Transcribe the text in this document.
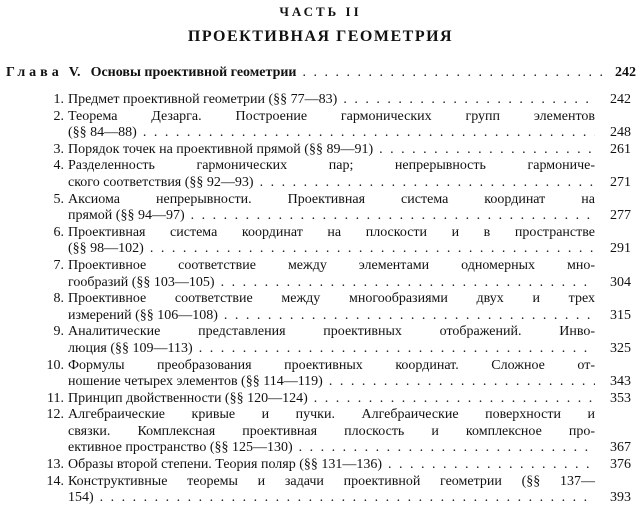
ЧАСТЬ II
ПРОЕКТИВНАЯ ГЕОМЕТРИЯ
Глава V. Основы проективной геометрии . . .	242
1. Предмет проективной геометрии (§§ 77—83) . . .	242
2. Теорема Дезарга. Построение гармонических групп элементов
(§§ 84—88) . . .	248
3. Порядок точек на проективной прямой (§§ 89—91) . . .	261
4. Разделенность гармонических пар; непрерывность гармониче-
ского соответствия (§§ 92—93) . . .	271
5. Аксиома непрерывности. Проективная система координат на
прямой (§§ 94—97) . . .	277
6. Проективная система координат на плоскости и в пространстве
(§§ 98—102) . . .	291
7. Проективное соответствие между элементами одномерных мно-
гообразий (§§ 103—105) . . .	304
8. Проективное соответствие между многообразиями двух и трех
измерений (§§ 106—108) . . .	315
9. Аналитические представления проективных отображений. Инво-
люция (§§ 109—113) . . .	325
10. Формулы преобразования проективных координат. Сложное от-
ношение четырех элементов (§§ 114—119) . . .	343
11. Принцип двойственности (§§ 120—124) . . .	353
12. Алгебраические кривые и пучки. Алгебраические поверхности и
связки. Комплексная проективная плоскость и комплексное про-
ективное пространство (§§ 125—130) . . .	367
13. Образы второй степени. Теория поляр (§§ 131—136) . . .	376
14. Конструктивные теоремы и задачи проективной геометрии (§§ 137—
154) . . .	393
